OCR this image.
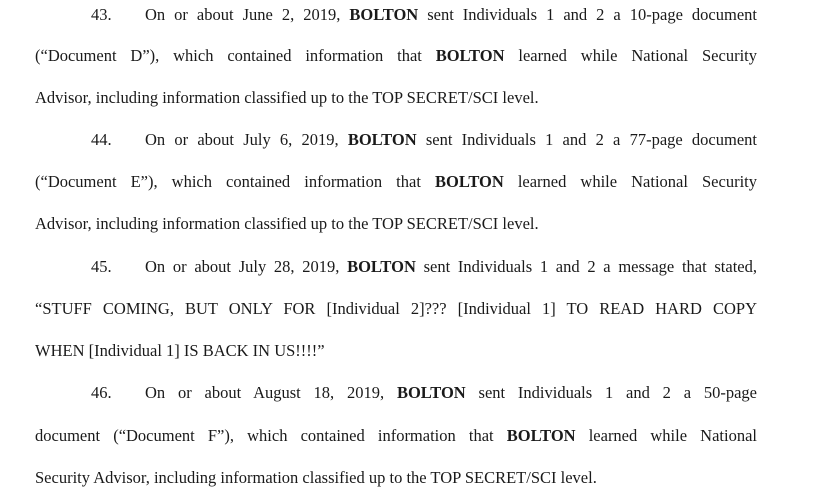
43. On or about June 2, 2019, BOLTON sent Individuals 1 and 2 a 10-page document
(“Document D”), which contained information that BOLTON learned while National Security
Advisor, including information classified up to the TOP SECRET/SCI level.
44. On or about July 6, 2019, BOLTON sent Individuals 1 and 2 a 77-page document
(“Document E”), which contained information that BOLTON learned while National Security
Advisor, including information classified up to the TOP SECRET/SCI level.
45. On or about July 28, 2019, BOLTON sent Individuals 1 and 2 a message that stated,
“STUFF COMING, BUT ONLY FOR [Individual 2]??? [Individual 1] TO READ HARD COPY
WHEN [Individual 1] IS BACK IN US!!!!”
46. On or about August 18, 2019, BOLTON sent Individuals 1 and 2 a 50-page
document (“Document F”), which contained information that BOLTON learned while National
Security Advisor, including information classified up to the TOP SECRET/SCI level.
